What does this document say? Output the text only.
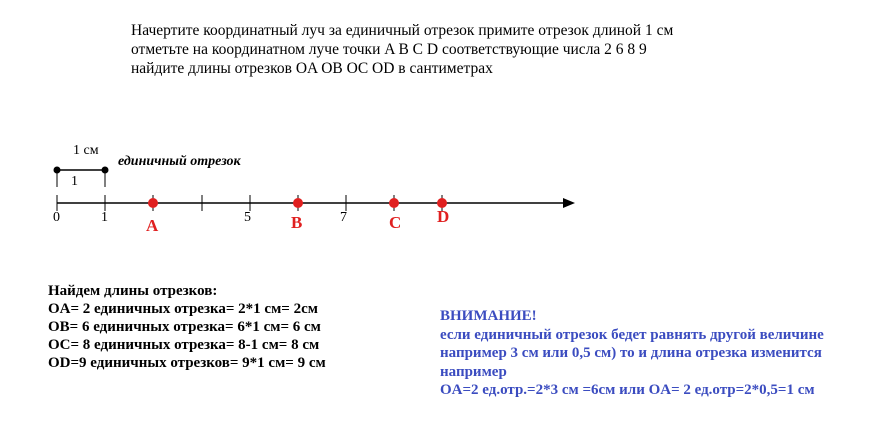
Начертите координатный луч за единичный отрезок примите отрезок длиной 1 см
отметьте на координатном луче точки A B C D соответствующие числа 2 6 8 9
найдите длины отрезков OA OB OC OD в сантиметрах
1 см
1
единичный отрезок
0	1	5	7
A	B	C D
Найдем длины отрезков:
OA= 2 единичных отрезка= 2*1 см= 2см
OB= 6 единичных отрезка= 6*1 см= 6 см
OC= 8 единичных отрезка= 8-1 см= 8 см
OD=9 единичных отрезков= 9*1 см= 9 см
ВНИМАНИЕ!
если единичный отрезок бедет равнять другой величине
например 3 см или 0,5 см) то и длина отрезка изменится
например
OA=2 ед.отр.=2*3 см =6см или OA= 2 ед.отр=2*0,5=1 см
